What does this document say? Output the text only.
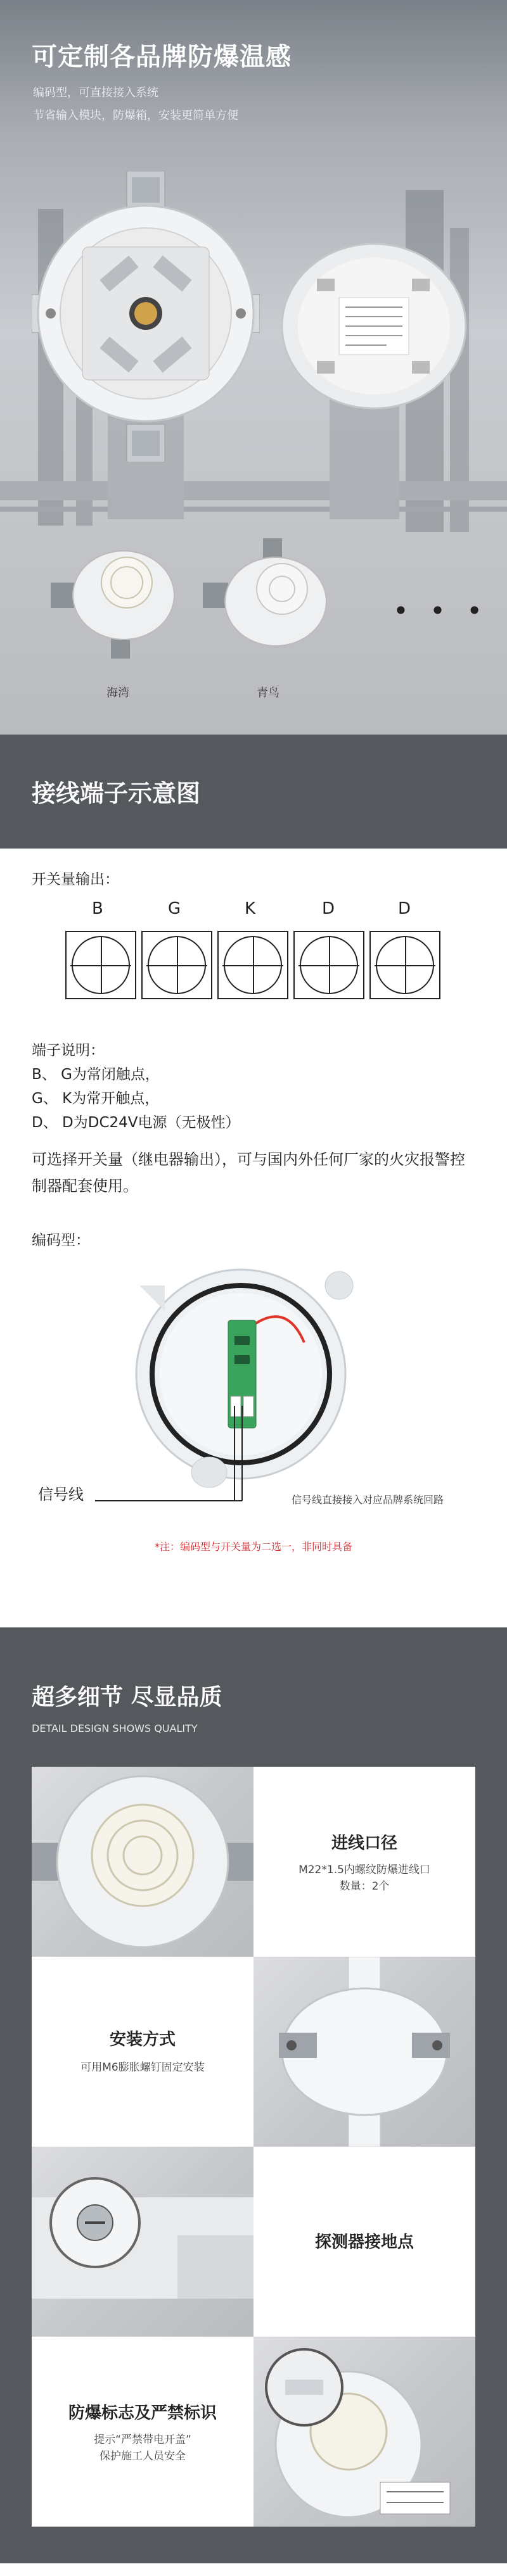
可定制各品牌防爆温感
编码型，可直接接入系统
节省输入模块，防爆箱，安装更简单方便
海湾	青鸟
• • •
接线端子示意图
开关量输出：
B	G	K	D	D
端子说明：
B、 G为常闭触点，
G、 K为常开触点，
D、 D为DC24V电源（无极性）
可选择开关量（继电器输出），可与国内外任何厂家的火灾报警控制器配套使用。
编码型：
信号线	信号线直接接入对应品牌系统回路
*注：编码型与开关量为二选一，非同时具备
超多细节 尽显品质
DETAIL DESIGN SHOWS QUALITY
进线口径
M22*1.5内螺纹防爆进线口
数量：2个
安装方式
可用M6膨胀螺钉固定安装
探测器接地点
防爆标志及严禁标识
提示“严禁带电开盖”
保护施工人员安全
